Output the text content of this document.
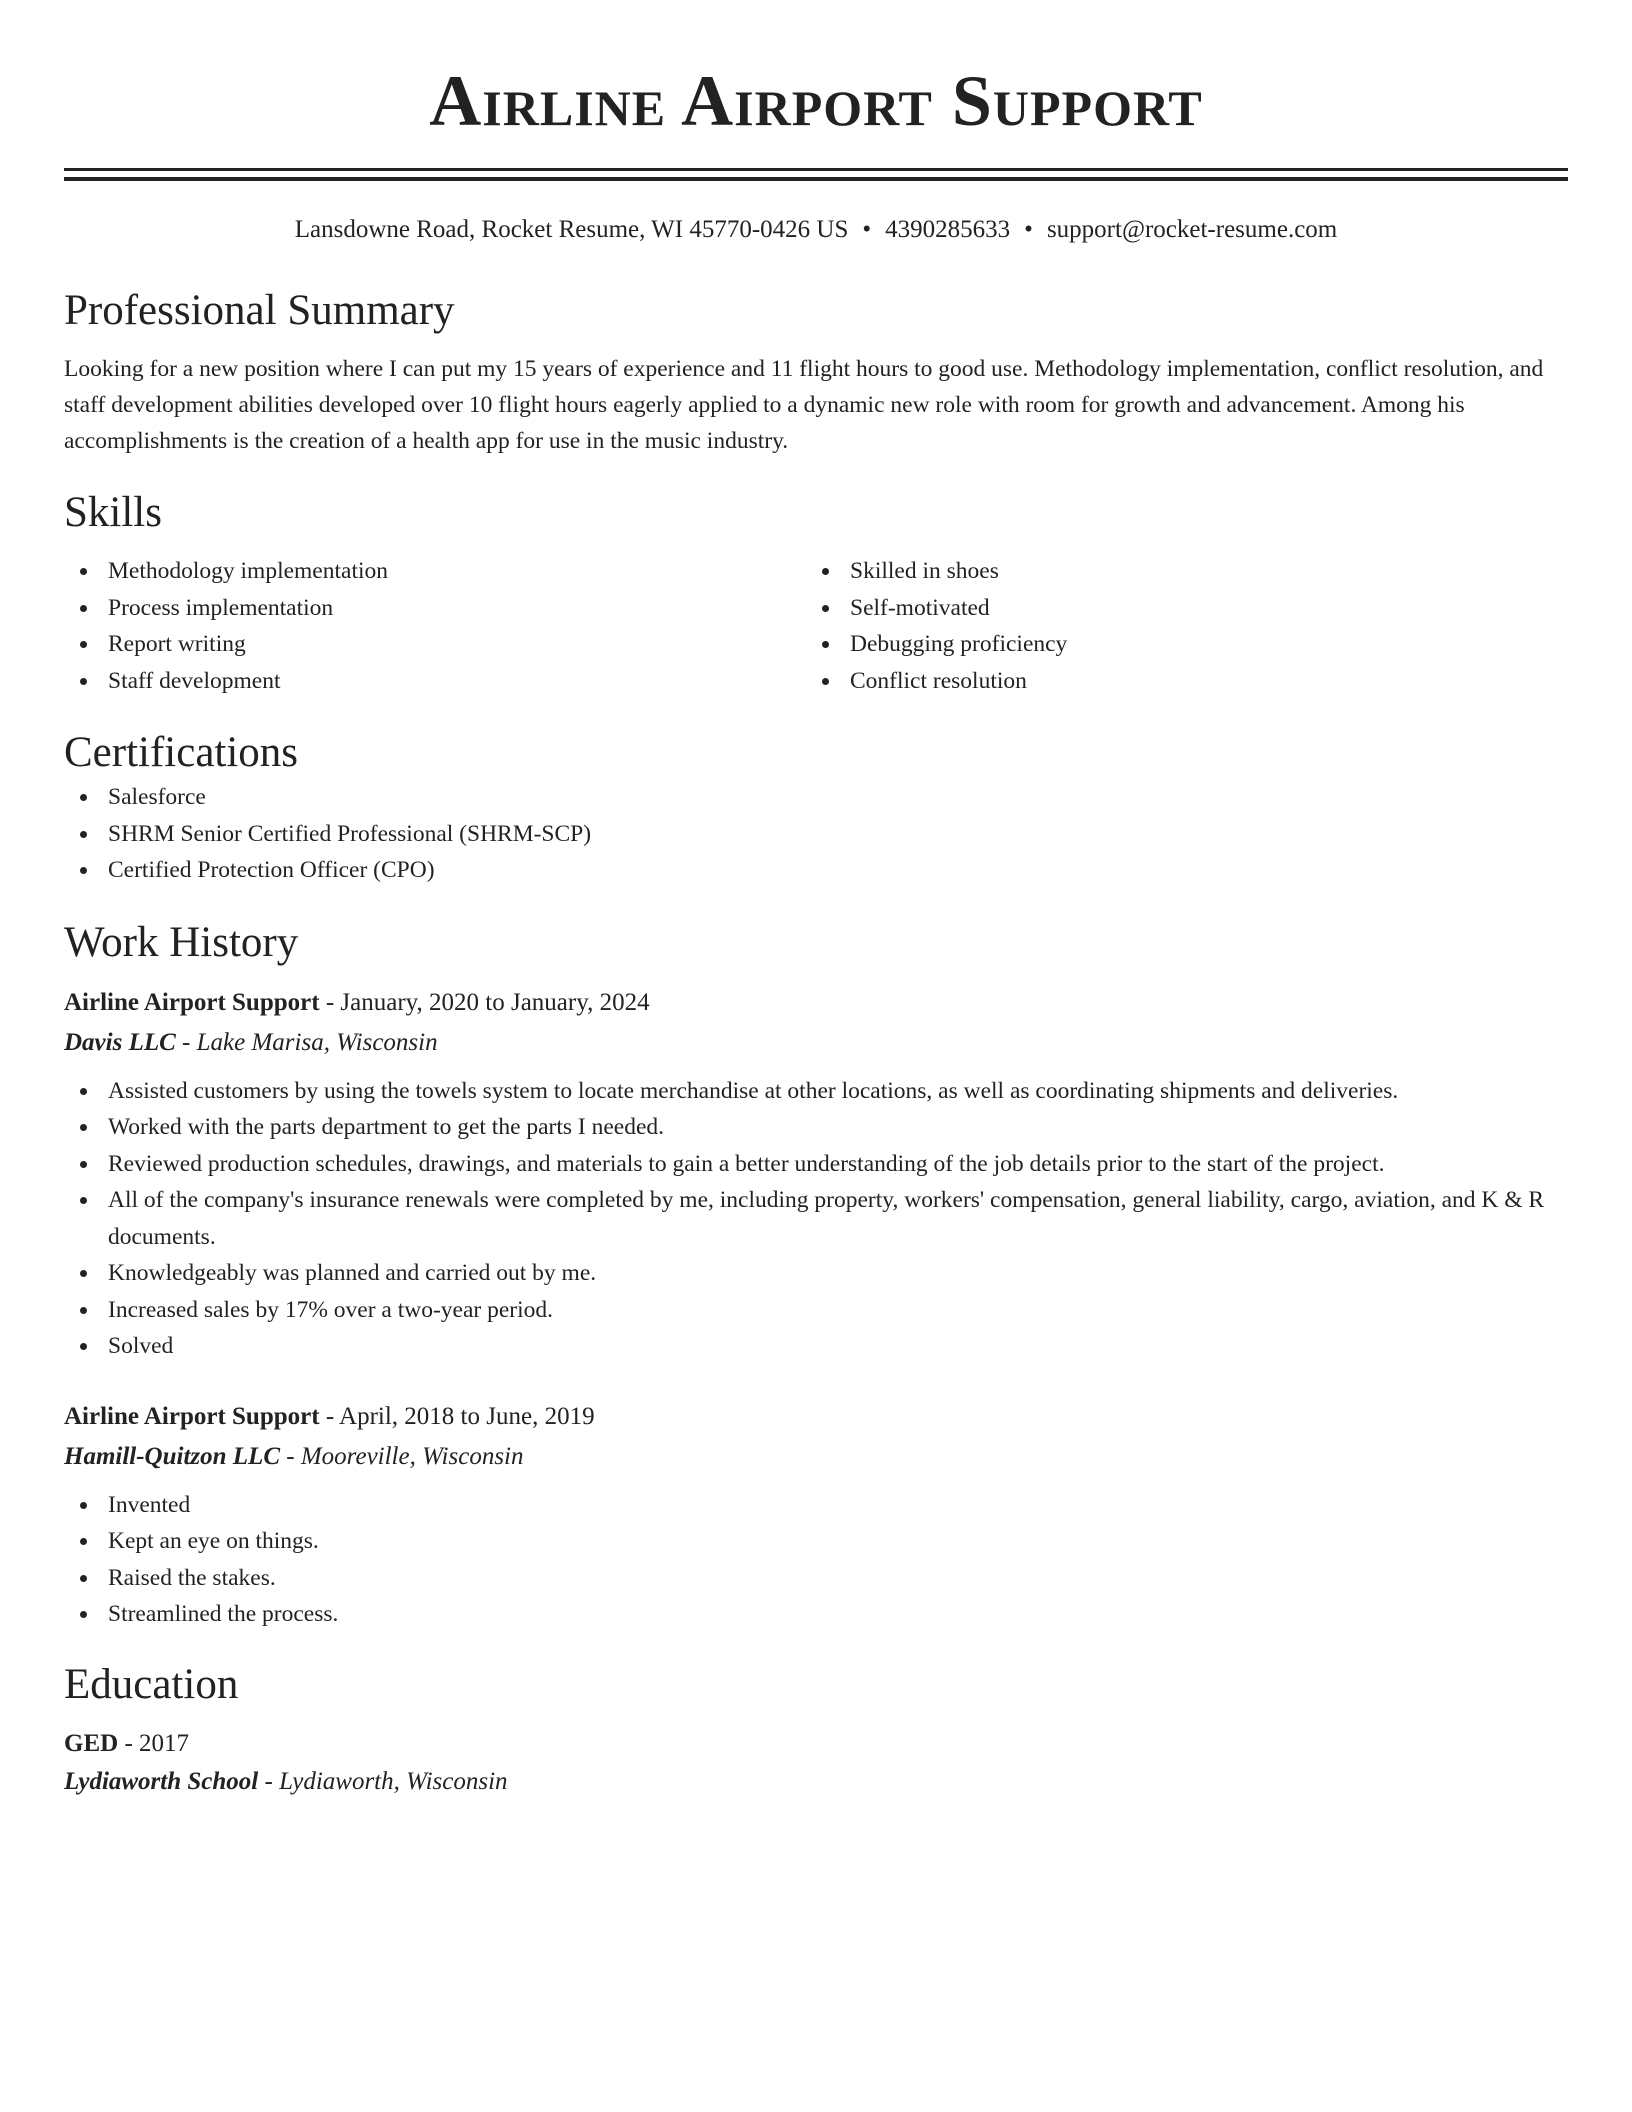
Airline Airport Support
Lansdowne Road, Rocket Resume, WI 45770-0426 US • 4390285633 • support@rocket-resume.com
Professional Summary

Looking for a new position where I can put my 15 years of experience and 11 flight hours to good use. Methodology implementation, conflict resolution, and staff development abilities developed over 10 flight hours eagerly applied to a dynamic new role with room for growth and advancement. Among his accomplishments is the creation of a health app for use in the music industry.

Skills
Methodology implementation
Process implementation
Report writing
Staff development
Skilled in shoes
Self-motivated
Debugging proficiency
Conflict resolution
Certifications
Salesforce
SHRM Senior Certified Professional (SHRM-SCP)
Certified Protection Officer (CPO)
Work History
Airline Airport Support - January, 2020 to January, 2024
Davis LLC - Lake Marisa, Wisconsin
Assisted customers by using the towels system to locate merchandise at other locations, as well as coordinating shipments and deliveries.
Worked with the parts department to get the parts I needed.
Reviewed production schedules, drawings, and materials to gain a better understanding of the job details prior to the start of the project.
All of the company's insurance renewals were completed by me, including property, workers' compensation, general liability, cargo, aviation, and K & R documents.
Knowledgeably was planned and carried out by me.
Increased sales by 17% over a two-year period.
Solved
Airline Airport Support - April, 2018 to June, 2019
Hamill-Quitzon LLC - Mooreville, Wisconsin
Invented
Kept an eye on things.
Raised the stakes.
Streamlined the process.
Education
GED - 2017
Lydiaworth School - Lydiaworth, Wisconsin
